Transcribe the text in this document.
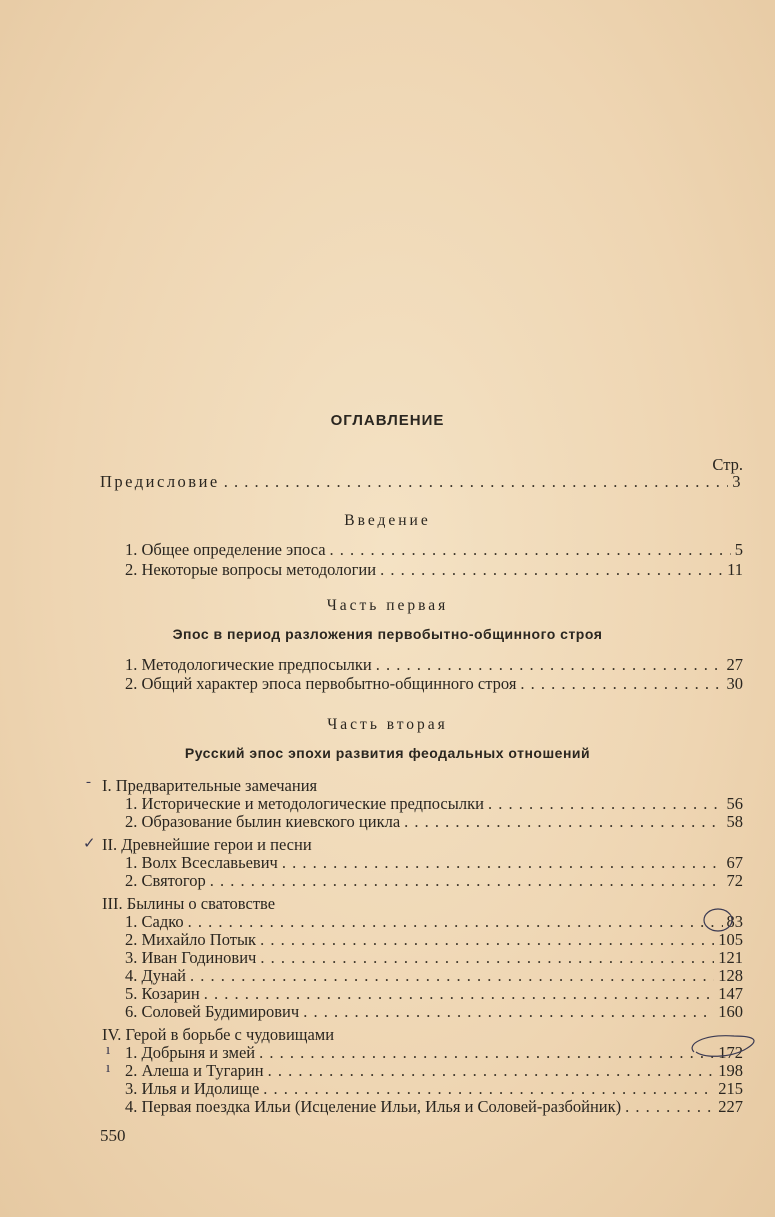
ОГЛАВЛЕНИЕ
Стр.
Предисловие . . .	3
Введение
1. Общее определение эпоса . . .	5
2. Некоторые вопросы методологии . . .	11
Часть первая
Эпос в период разложения первобытно-общинного строя
1. Методологические предпосылки . . .	27
2. Общий характер эпоса первобытно-общинного строя . . .	30
Часть вторая
Русский эпос эпохи развития феодальных отношений
I. Предварительные замечания
1. Исторические и методологические предпосылки . . .	56
2. Образование былин киевского цикла . . .	58
II. Древнейшие герои и песни
1. Волх Всеславьевич . . .	67
2. Святогор . . .	72
III. Былины о сватовстве
1. Садко . . .	83
2. Михайло Потык . . .	105
3. Иван Годинович . . .	121
4. Дунай . . .	128
5. Козарин . . .	147
6. Соловей Будимирович . . .	160
IV. Герой в борьбе с чудовищами
1. Добрыня и змей . . .	172
2. Алеша и Тугарин . . .	198
3. Илья и Идолище . . .	215
4. Первая поездка Ильи (Исцеление Ильи, Илья и Соловей-разбойник) . . .	227
-
✓
ı
ı
550
